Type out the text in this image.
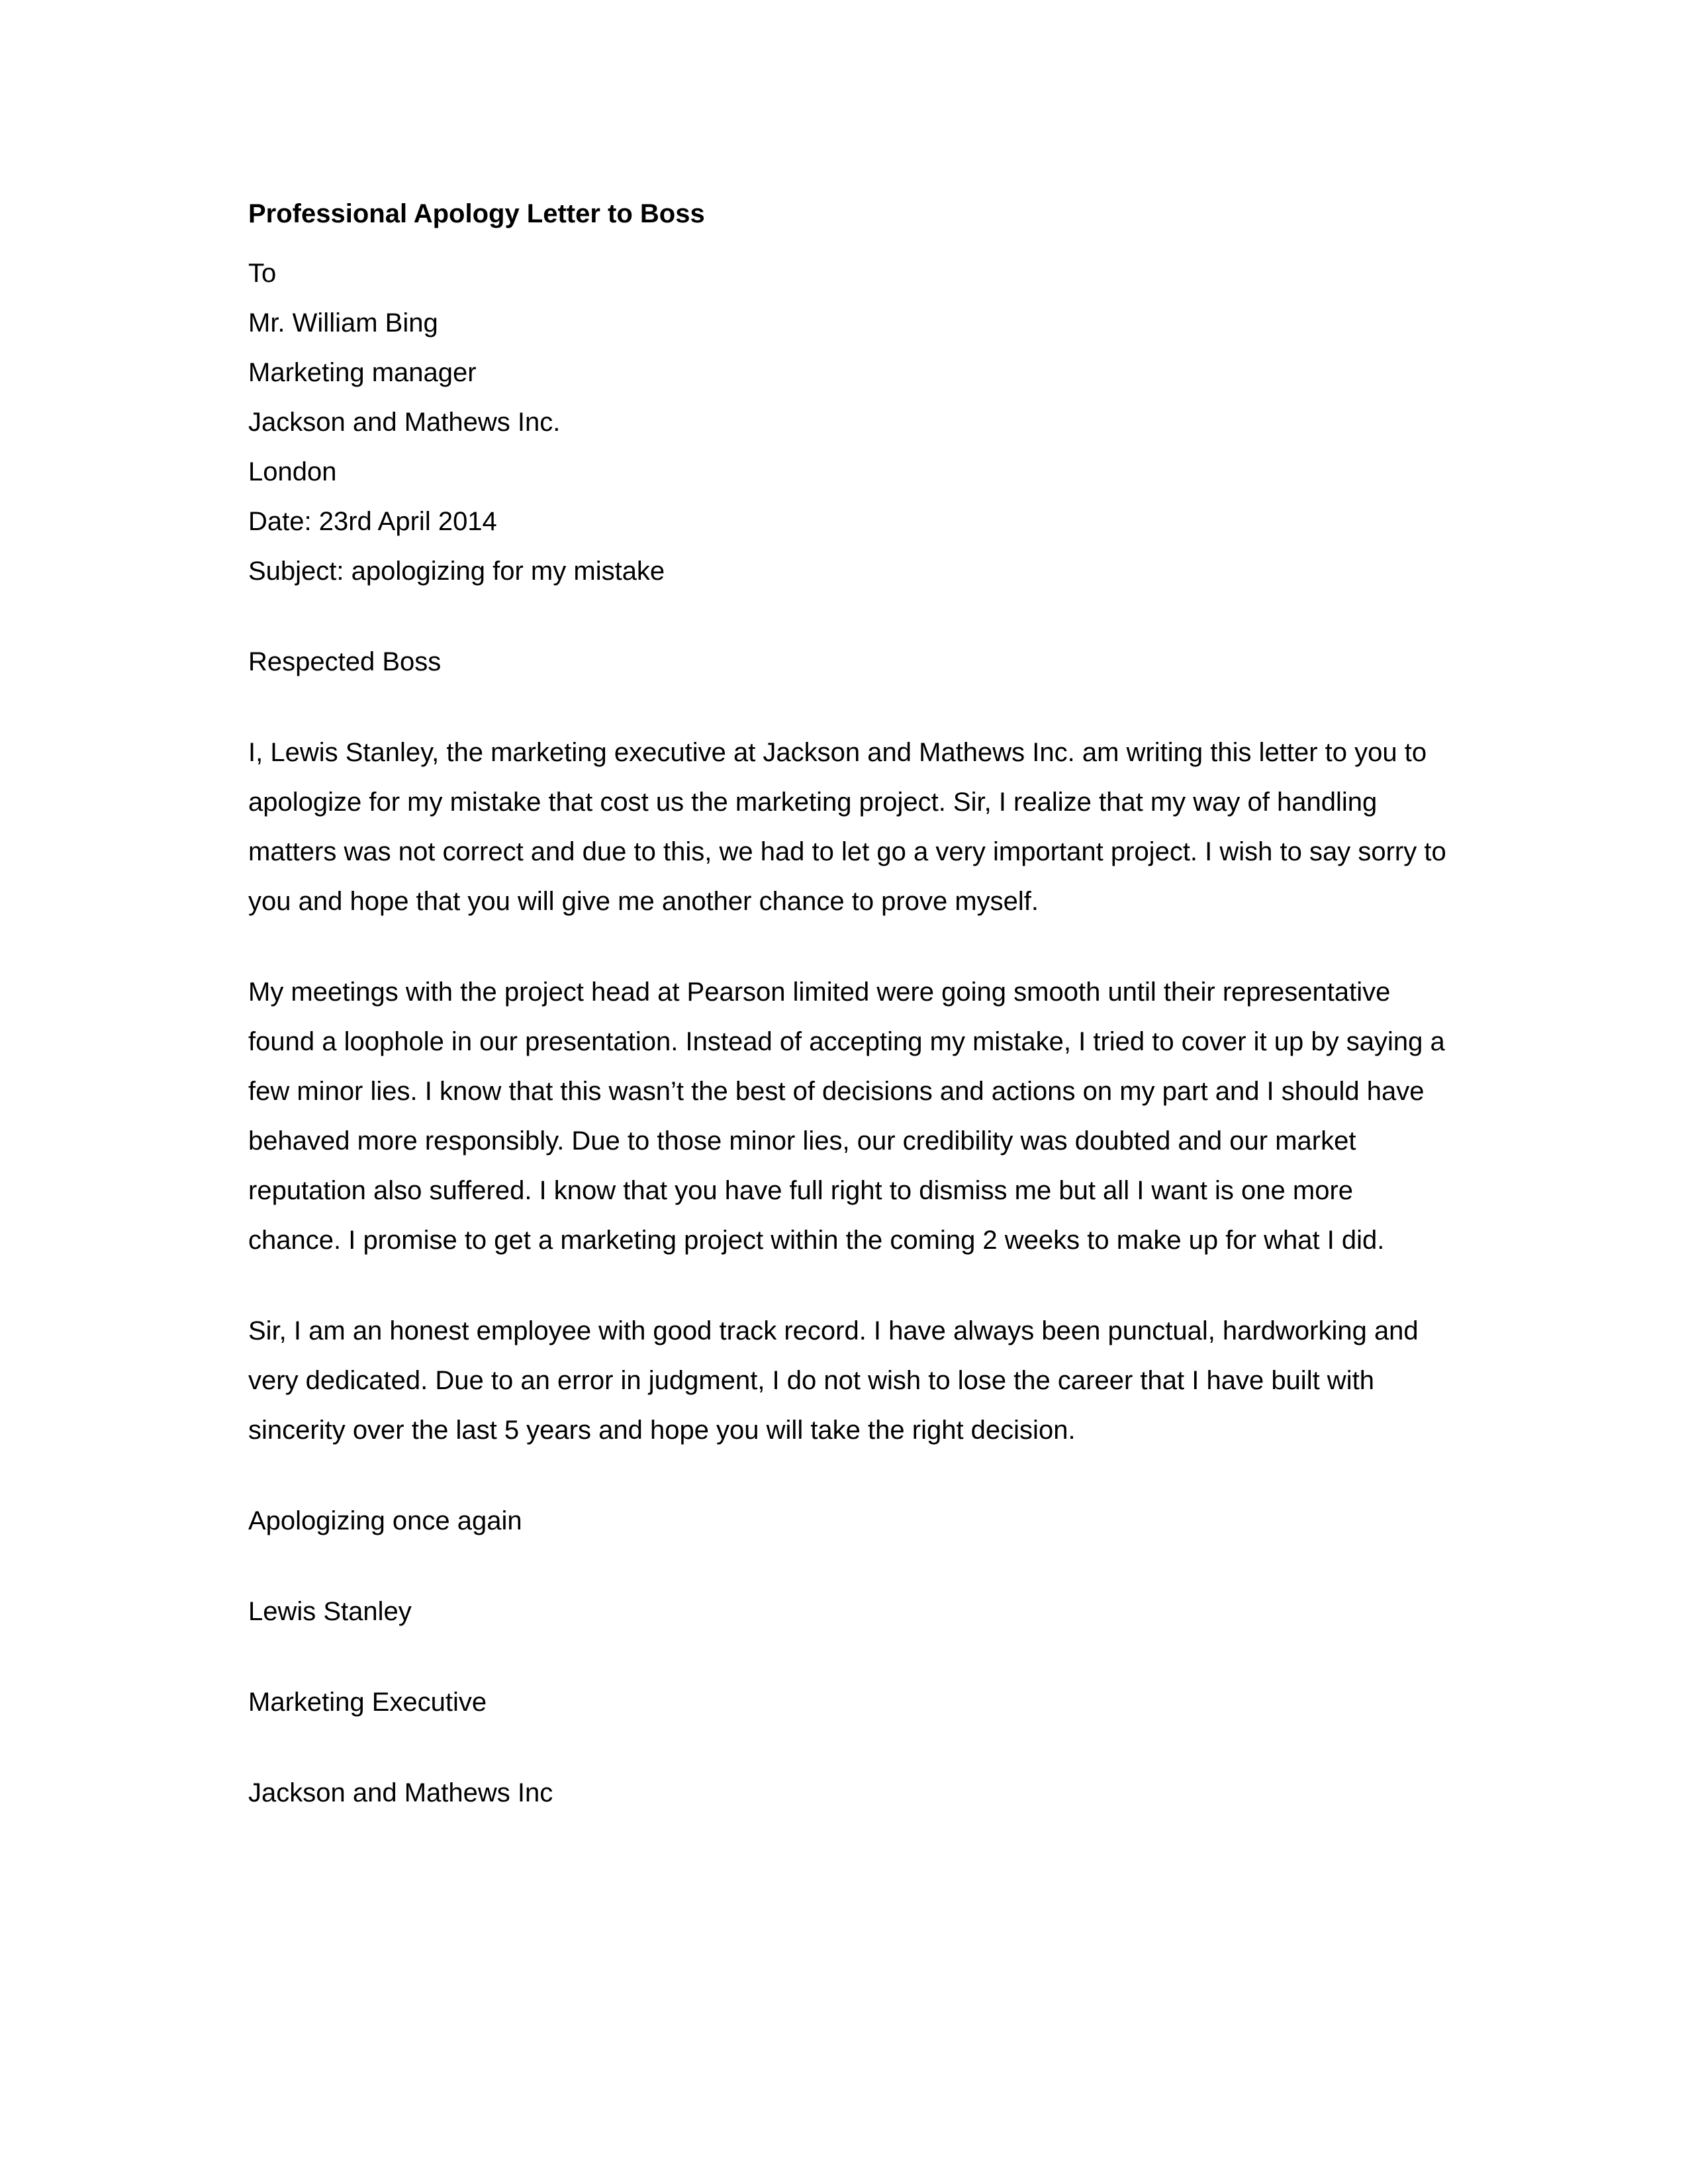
Professional Apology Letter to Boss

To

Mr. William Bing

Marketing manager

Jackson and Mathews Inc.

London

Date: 23rd April 2014

Subject: apologizing for my mistake

Respected Boss

I, Lewis Stanley, the marketing executive at Jackson and Mathews Inc. am writing this letter to you to apologize for my mistake that cost us the marketing project. Sir, I realize that my way of handling matters was not correct and due to this, we had to let go a very important project. I wish to say sorry to you and hope that you will give me another chance to prove myself.

My meetings with the project head at Pearson limited were going smooth until their representative found a loophole in our presentation. Instead of accepting my mistake, I tried to cover it up by saying a few minor lies. I know that this wasn’t the best of decisions and actions on my part and I should have behaved more responsibly. Due to those minor lies, our credibility was doubted and our market reputation also suffered. I know that you have full right to dismiss me but all I want is one more chance. I promise to get a marketing project within the coming 2 weeks to make up for what I did.

Sir, I am an honest employee with good track record. I have always been punctual, hardworking and very dedicated. Due to an error in judgment, I do not wish to lose the career that I have built with sincerity over the last 5 years and hope you will take the right decision.

Apologizing once again

Lewis Stanley

Marketing Executive

Jackson and Mathews Inc
